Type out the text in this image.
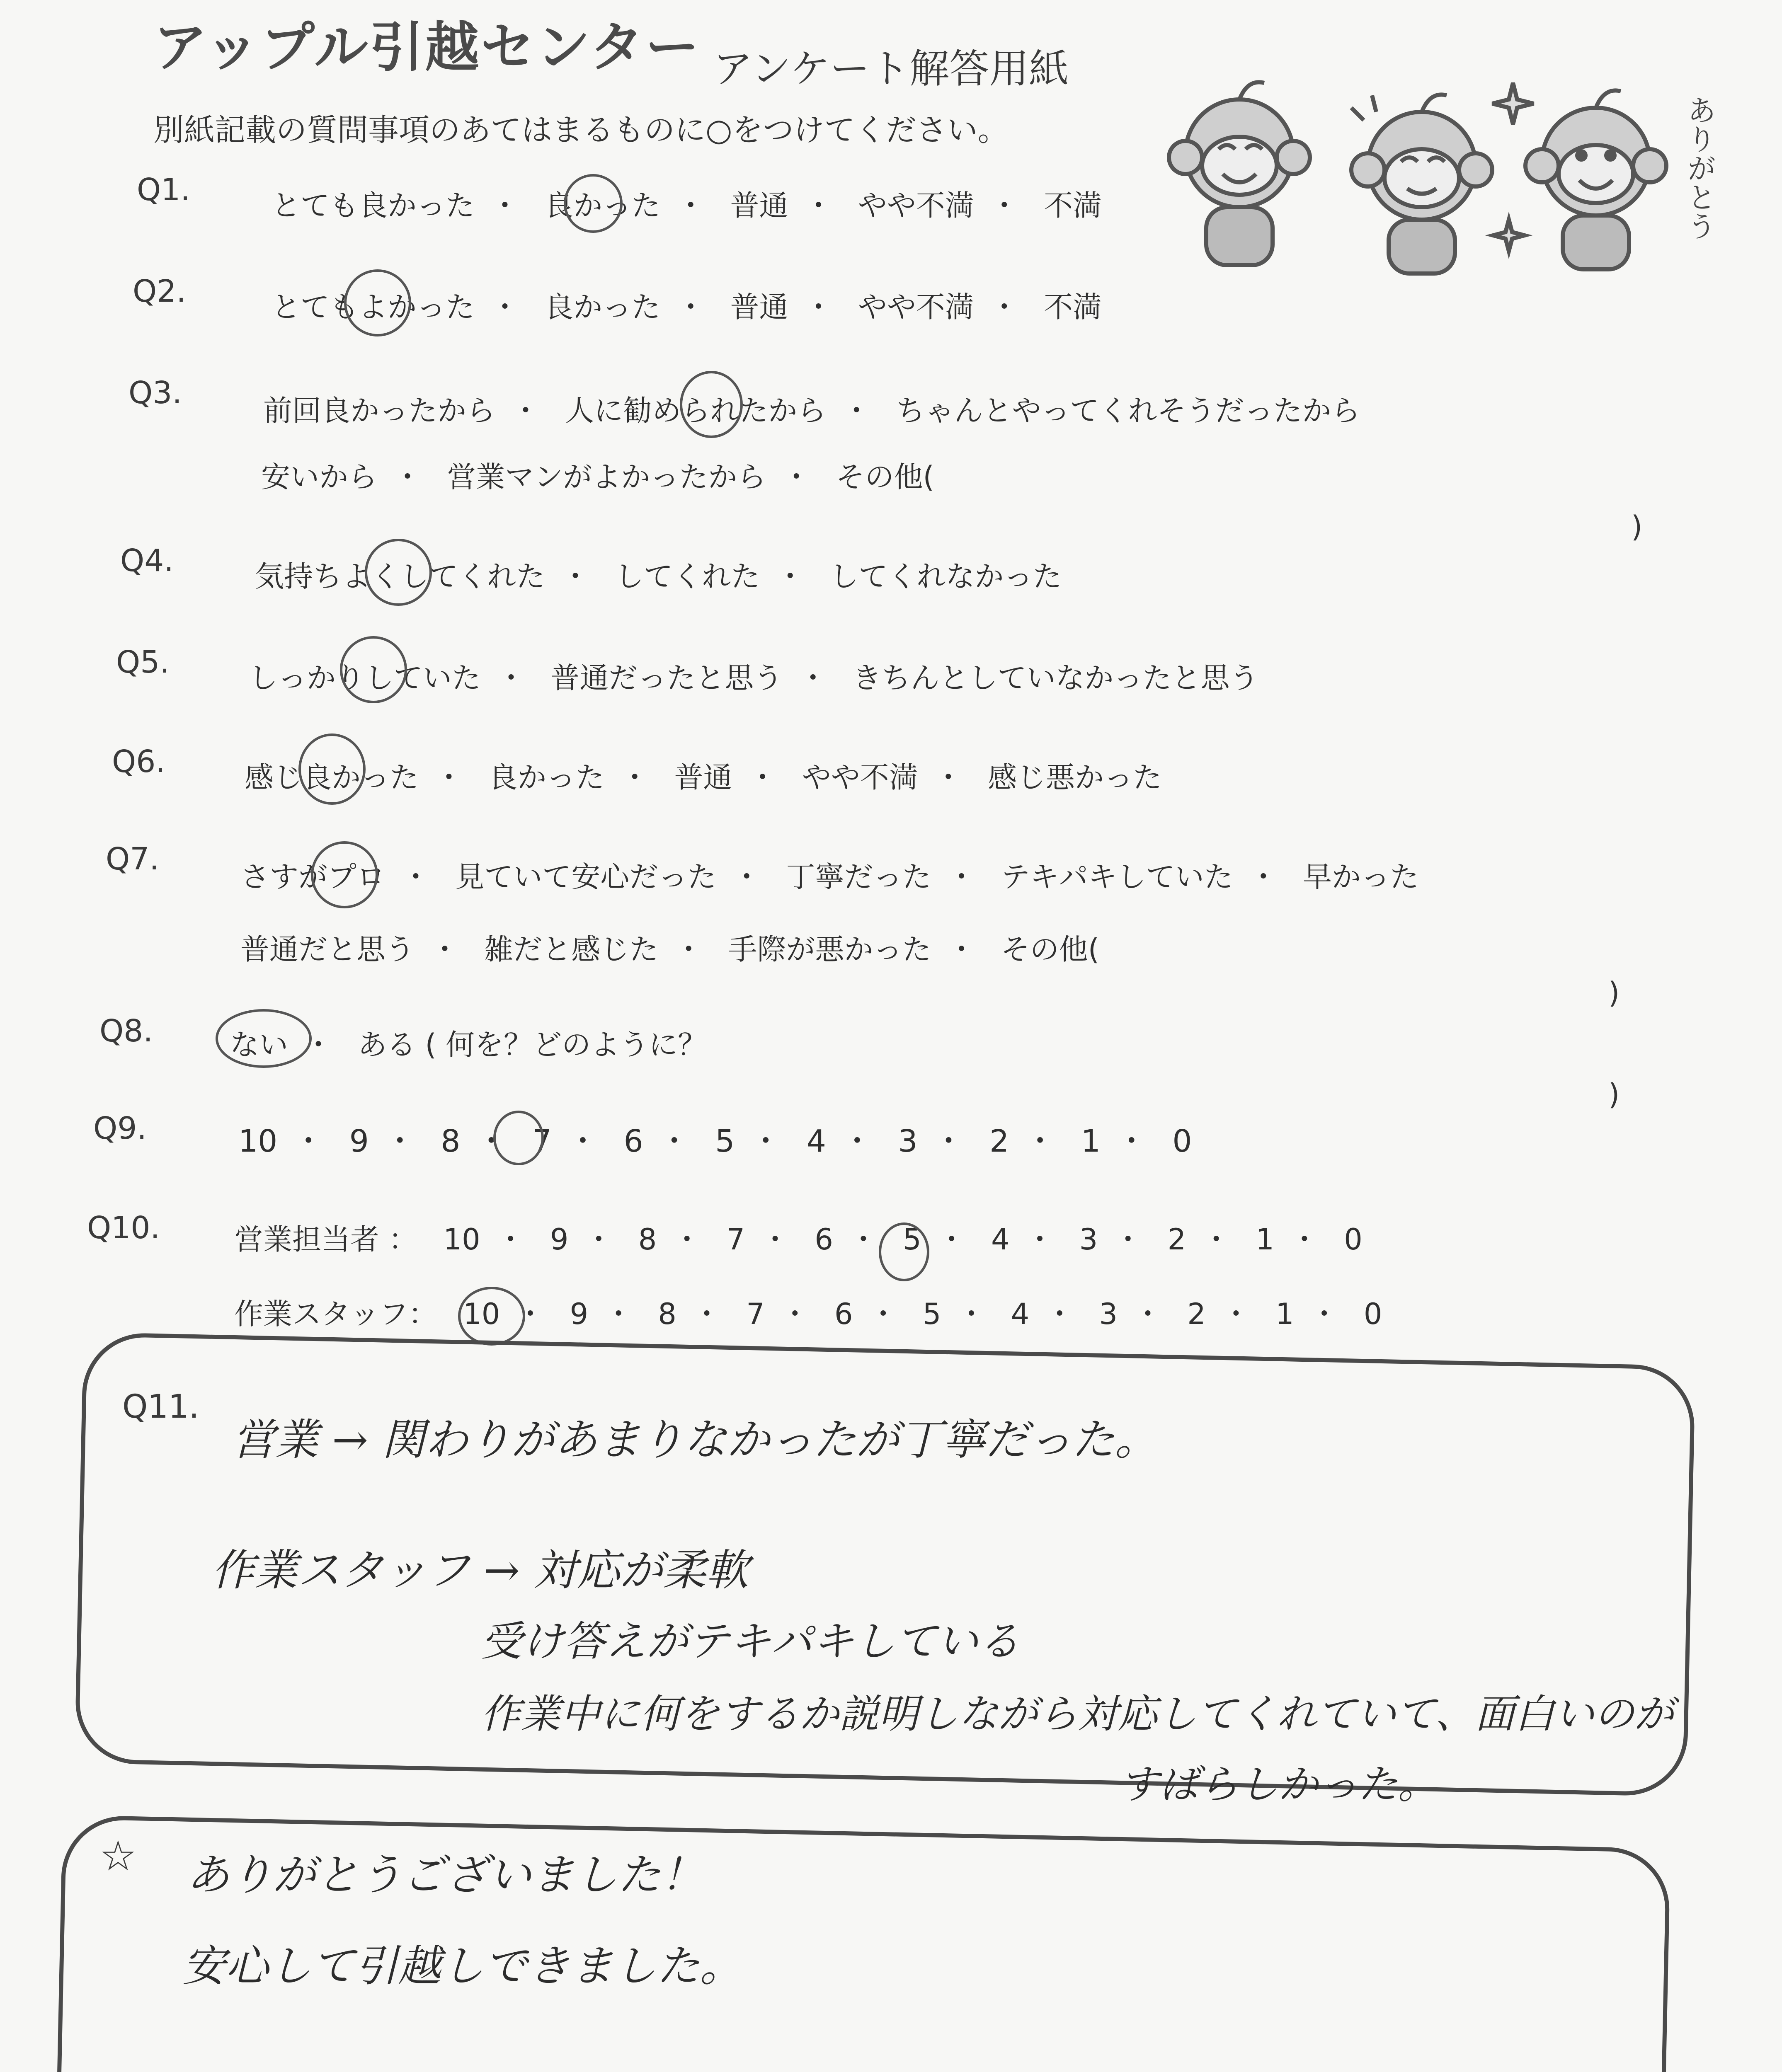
アップル引越センター アンケート解答用紙
別紙記載の質問事項のあてはまるものに○をつけてください。	ありがとう
Q1.	とても良かった ・ 良かった ・ 普通 ・ やや不満 ・ 不満
Q2.	とてもよかった ・ 良かった ・ 普通 ・ やや不満 ・ 不満
Q3.	前回良かったから ・ 人に勧められたから ・ ちゃんとやってくれそうだったから
安いから ・ 営業マンがよかったから ・ その他(
)
Q4.	気持ちよくしてくれた ・ してくれた ・ してくれなかった
Q5.	しっかりしていた ・ 普通だったと思う ・ きちんとしていなかったと思う
Q6.	感じ良かった ・ 良かった ・ 普通 ・ やや不満 ・ 感じ悪かった
Q7.	さすがプロ ・ 見ていて安心だった ・ 丁寧だった ・ テキパキしていた ・ 早かった
普通だと思う ・ 雑だと感じた ・ 手際が悪かった ・ その他(
)
Q8.	ない ・ ある ( 何を？どのように？
)
Q9.	10 ・ 9 ・ 8 ・ 7 ・ 6 ・ 5 ・ 4 ・ 3 ・ 2 ・ 1 ・ 0
Q10.	営業担当者 ： 10 ・ 9 ・ 8 ・ 7 ・ 6 ・ 5 ・ 4 ・ 3 ・ 2 ・ 1 ・ 0
作業スタッフ： 10 ・ 9 ・ 8 ・ 7 ・ 6 ・ 5 ・ 4 ・ 3 ・ 2 ・ 1 ・ 0
Q11.
営業 → 関わりがあまりなかったが丁寧だった。
作業スタッフ → 対応が柔軟
受け答えがテキパキしている
作業中に何をするか説明しながら対応してくれていて、面白いのが
すばらしかった。
☆ ありがとうございました！
安心して引越しできました。
